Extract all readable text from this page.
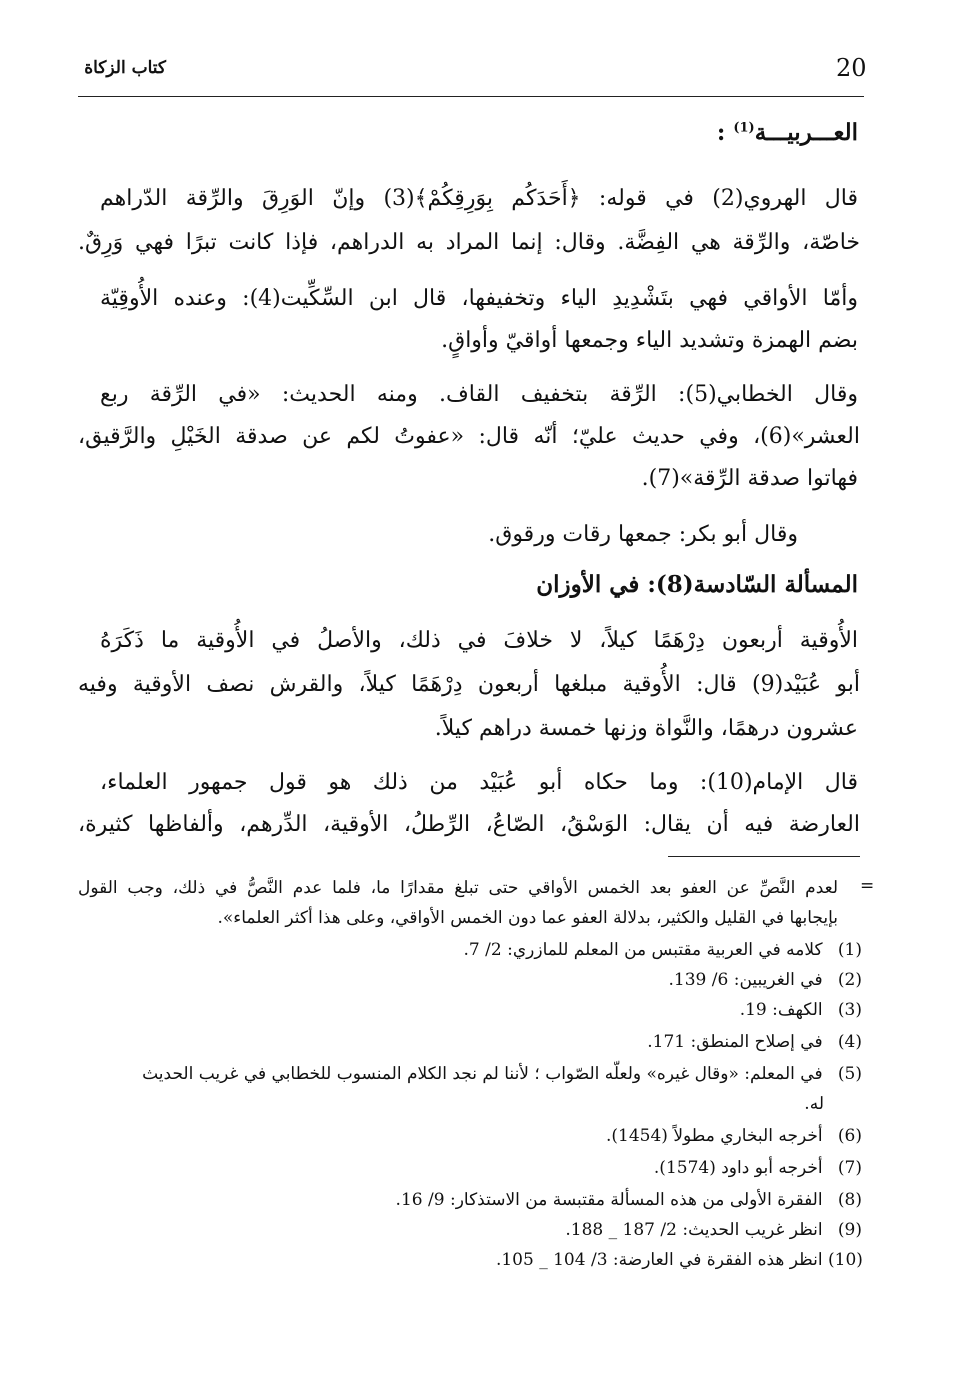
20
كتاب الزكاة
العـــربيـــة$^{(1)}$ :
قال الهروي(2) في قوله: ﴿أَحَدَكُم بِوَرِقِكُمْ﴾(3) وإنّ الوَرِقَ والرِّقة الدّراهم
خاصّة، والرِّقة هي الفِضَّة. وقال: إنما المراد به الدراهم، فإذا كانت تبرًا فهي وَرِقٌ.
وأمّا الأواقي فهي بتَشْدِيدِ الياء وتخفيفها، قال ابن السِّكِّيت(4): وعنده الأُوقِيّة
بضم الهمزة وتشديد الياء وجمعها أواقيّ وأواقٍ.
وقال الخطابي(5): الرِّقة بتخفيف القاف. ومنه الحديث: «في الرِّقة ربع
العشر»(6)، وفي حديث عليّ؛ أنّه قال: «عفوتُ لكم عن صدقة الخَيْلِ والرَّقيق،
فهاتوا صدقة الرِّقة»(7).
وقال أبو بكر: جمعها رقات ورقوق.
المسألة السّادسة(8): في الأوزان
الأُوقية أربعون دِرْهَمًا كيلاً، لا خلافَ في ذلك، والأصلُ في الأُوقية ما ذَكَرَهُ
أبو عُبَيْد(9) قال: الأُوقية مبلغها أربعون دِرْهَمًا كيلاً، والقرش نصف الأوقية وفيه
عشرون درهمًا، والنَّواة وزنها خمسة دراهم كيلاً.
قال الإمام(10): وما حكاه أبو عُبَيْد من ذلك هو قول جمهور العلماء،
العارضة فيه أن يقال: الوَسْقُ، الصّاعُ، الرِّطلُ، الأوقية، الدِّرهم، وألفاظها كثيرة،
=
لعدم النَّصِّ عن العفو بعد الخمس الأواقي حتى تبلغ مقدارًا ما، فلما عدم النَّصُّ في ذلك، وجب القول
بإيجابها في القليل والكثير، بدلالة العفو عما دون الخمس الأواقي، وعلى هذا أكثر العلماء».
(1) كلامه في العربية مقتبس من المعلم للمازري: 2/ 7.
(2) في الغريبين: 6/ 139.
(3) الكهف: 19.
(4) في إصلاح المنطق: 171.
(5) في المعلم: «وقال غيره» ولعلّه الصّواب ؛ لأننا لم نجد الكلام المنسوب للخطابي في غريب الحديث
له.
(6) أخرجه البخاري مطولاً (1454).
(7) أخرجه أبو داود (1574).
(8) الفقرة الأولى من هذه المسألة مقتبسة من الاستذكار: 9/ 16.
(9) انظر غريب الحديث: 2/ 187 _ 188.
(10) انظر هذه الفقرة في العارضة: 3/ 104 _ 105.
